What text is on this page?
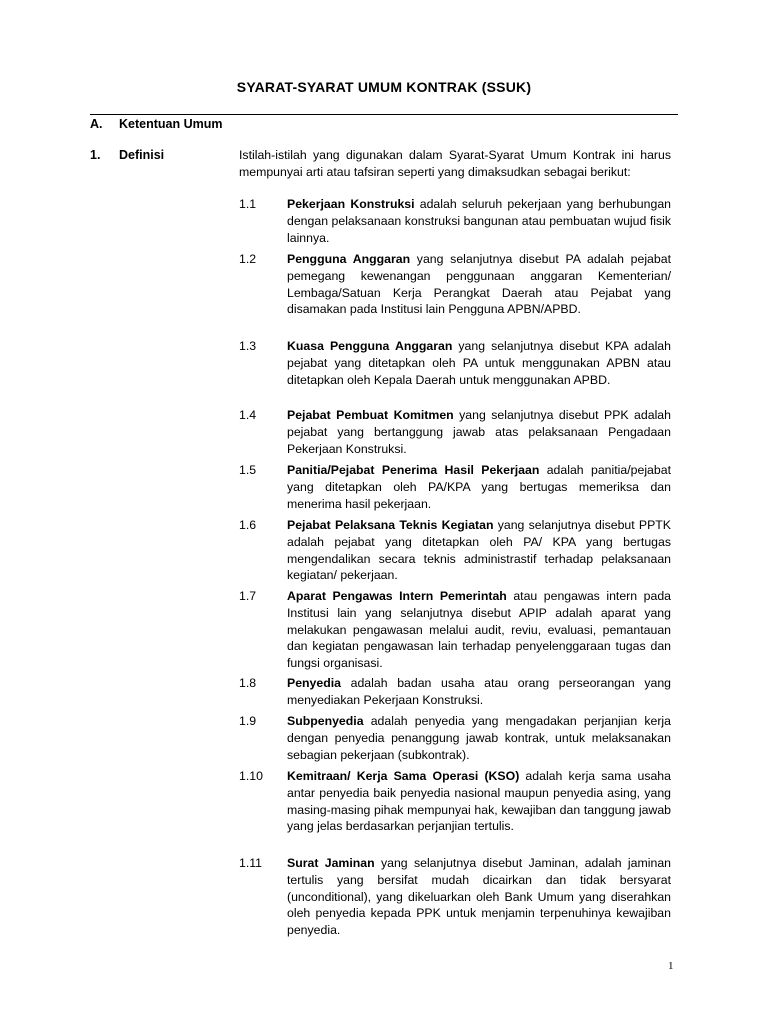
SYARAT-SYARAT UMUM KONTRAK (SSUK)
A. Ketentuan Umum
1. Definisi	Istilah-istilah yang digunakan dalam Syarat-Syarat Umum Kontrak ini harus mempunyai arti atau tafsiran seperti yang dimaksudkan sebagai berikut:
1.1	Pekerjaan Konstruksi adalah seluruh pekerjaan yang berhubungan dengan pelaksanaan konstruksi bangunan atau pembuatan wujud fisik lainnya.
1.2	Pengguna Anggaran yang selanjutnya disebut PA adalah pejabat pemegang kewenangan penggunaan anggaran Kementerian/ Lembaga/Satuan Kerja Perangkat Daerah atau Pejabat yang disamakan pada Institusi lain Pengguna APBN/APBD.
1.3	Kuasa Pengguna Anggaran yang selanjutnya disebut KPA adalah pejabat yang ditetapkan oleh PA untuk menggunakan APBN atau ditetapkan oleh Kepala Daerah untuk menggunakan APBD.
1.4	Pejabat Pembuat Komitmen yang selanjutnya disebut PPK adalah pejabat yang bertanggung jawab atas pelaksanaan Pengadaan Pekerjaan Konstruksi.
1.5	Panitia/Pejabat Penerima Hasil Pekerjaan adalah panitia/pejabat yang ditetapkan oleh PA/KPA yang bertugas memeriksa dan menerima hasil pekerjaan.
1.6	Pejabat Pelaksana Teknis Kegiatan yang selanjutnya disebut PPTK adalah pejabat yang ditetapkan oleh PA/ KPA yang bertugas mengendalikan secara teknis administrastif terhadap pelaksanaan kegiatan/ pekerjaan.
1.7	Aparat Pengawas Intern Pemerintah atau pengawas intern pada Institusi lain yang selanjutnya disebut APIP adalah aparat yang melakukan pengawasan melalui audit, reviu, evaluasi, pemantauan dan kegiatan pengawasan lain terhadap penyelenggaraan tugas dan fungsi organisasi.
1.8	Penyedia adalah badan usaha atau orang perseorangan yang menyediakan Pekerjaan Konstruksi.
1.9	Subpenyedia adalah penyedia yang mengadakan perjanjian kerja dengan penyedia penanggung jawab kontrak, untuk melaksanakan sebagian pekerjaan (subkontrak).
1.10	Kemitraan/ Kerja Sama Operasi (KSO) adalah kerja sama usaha antar penyedia baik penyedia nasional maupun penyedia asing, yang masing-masing pihak mempunyai hak, kewajiban dan tanggung jawab yang jelas berdasarkan perjanjian tertulis.
1.11	Surat Jaminan yang selanjutnya disebut Jaminan, adalah jaminan tertulis yang bersifat mudah dicairkan dan tidak bersyarat (unconditional), yang dikeluarkan oleh Bank Umum yang diserahkan oleh penyedia kepada PPK untuk menjamin terpenuhinya kewajiban penyedia.
1
